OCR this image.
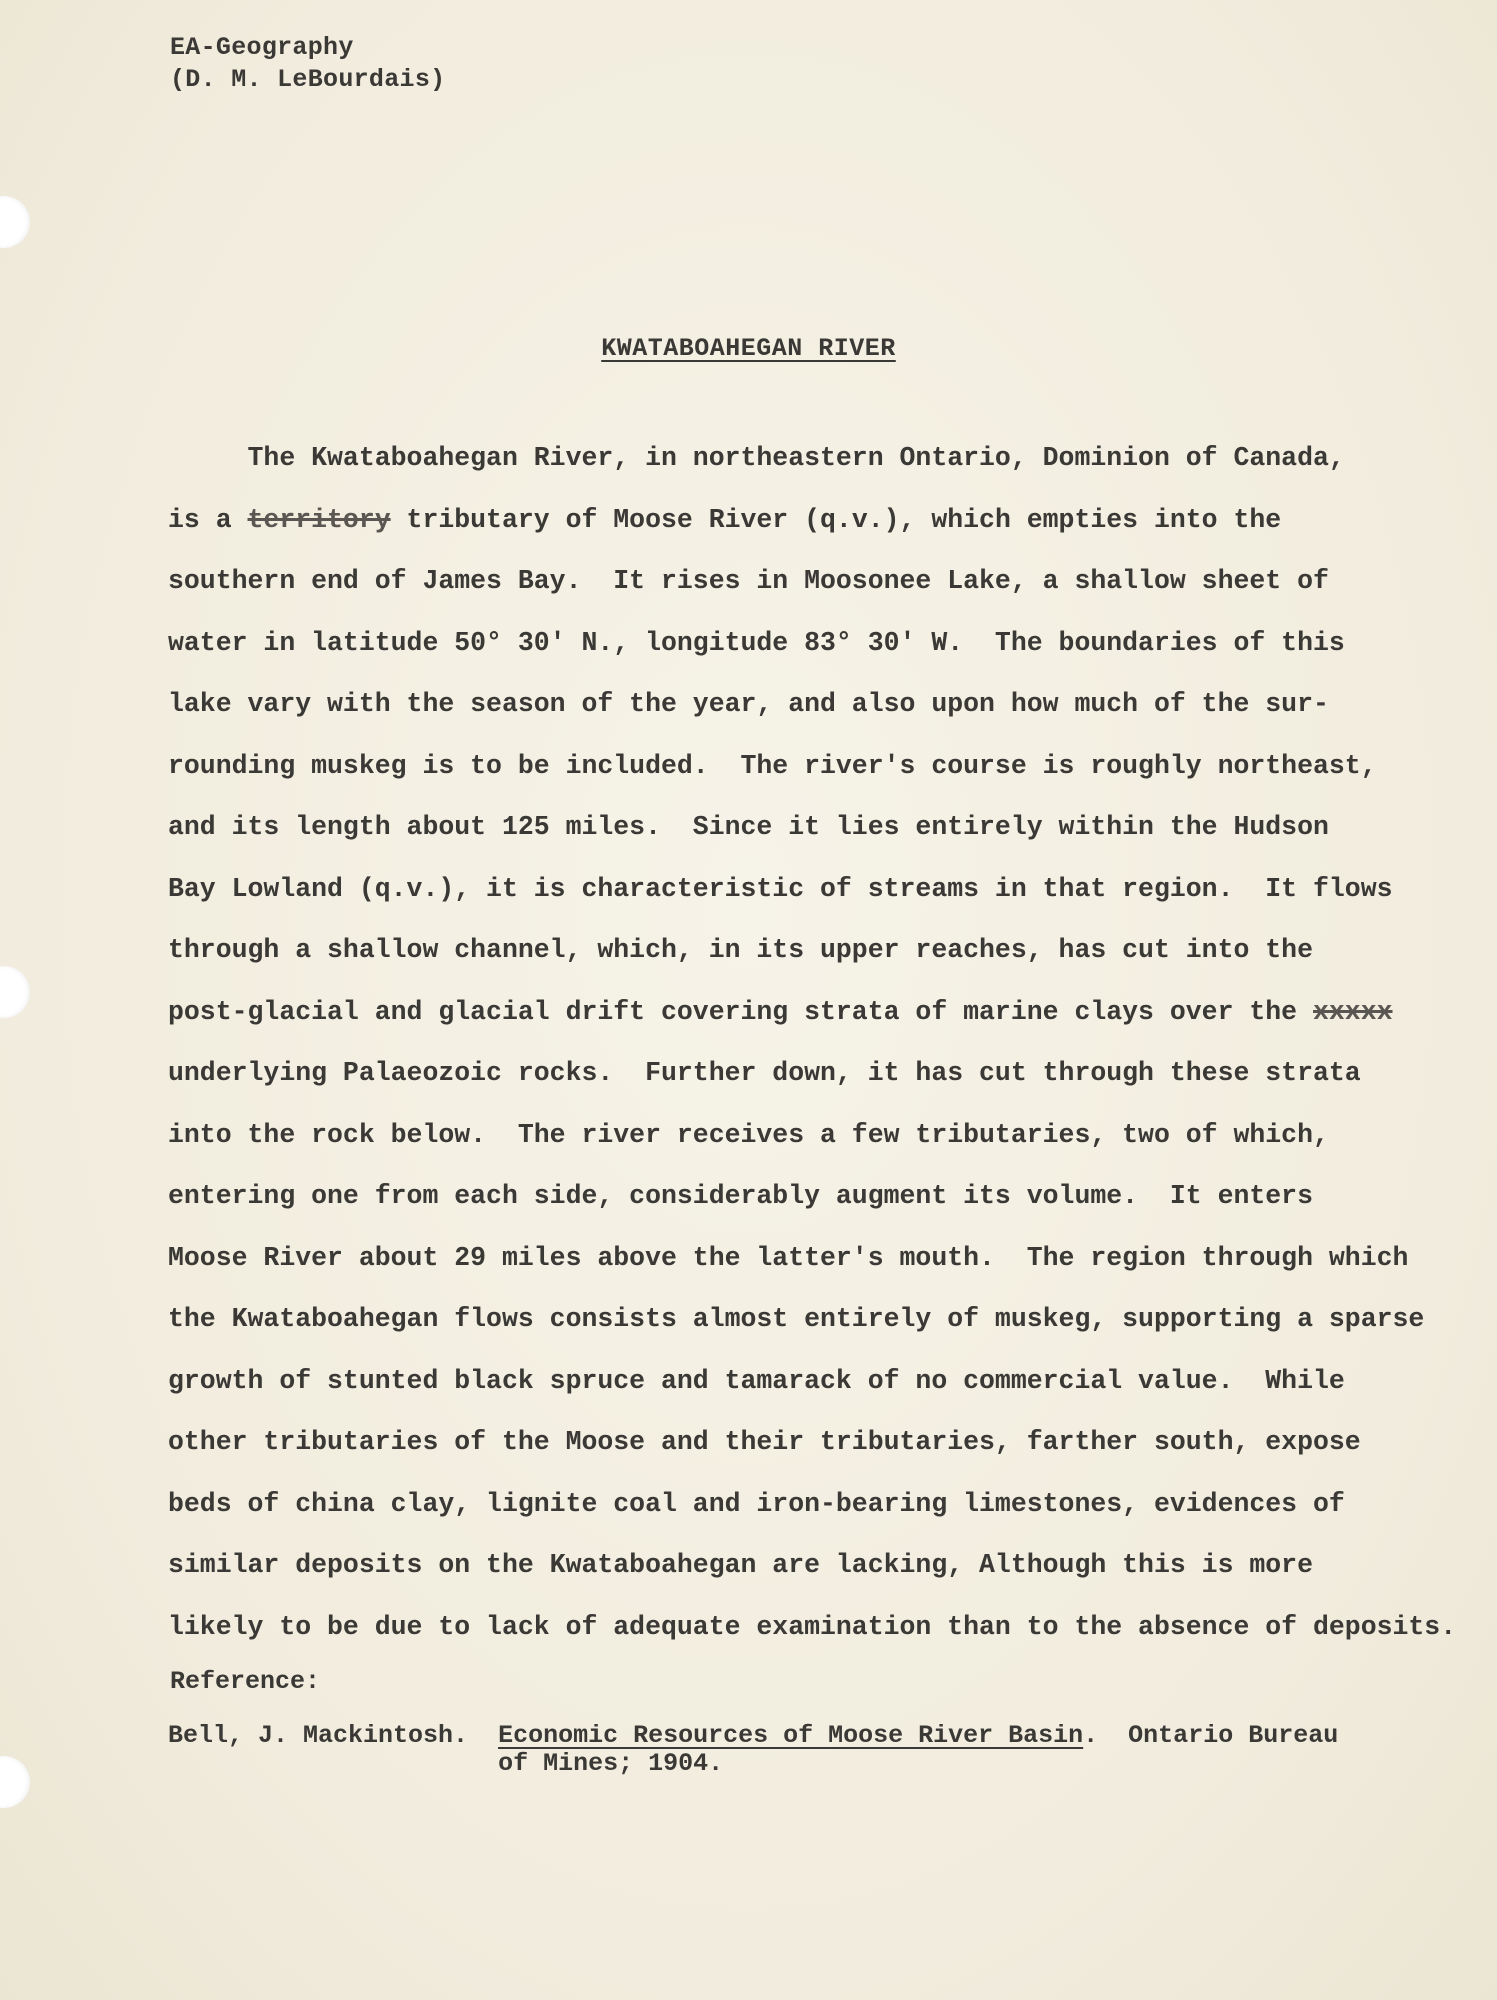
EA-Geography
(D. M. LeBourdais)
KWATABOAHEGAN RIVER
The Kwataboahegan River, in northeastern Ontario, Dominion of Canada,
is a territory tributary of Moose River (q.v.), which empties into the
southern end of James Bay.  It rises in Moosonee Lake, a shallow sheet of
water in latitude 50° 30' N., longitude 83° 30' W.  The boundaries of this
lake vary with the season of the year, and also upon how much of the sur-
rounding muskeg is to be included.  The river's course is roughly northeast,
and its length about 125 miles.  Since it lies entirely within the Hudson
Bay Lowland (q.v.), it is characteristic of streams in that region.  It flows
through a shallow channel, which, in its upper reaches, has cut into the
post-glacial and glacial drift covering strata of marine clays over the xxxxx
underlying Palaeozoic rocks.  Further down, it has cut through these strata
into the rock below.  The river receives a few tributaries, two of which,
entering one from each side, considerably augment its volume.  It enters
Moose River about 29 miles above the latter's mouth.  The region through which
the Kwataboahegan flows consists almost entirely of muskeg, supporting a sparse
growth of stunted black spruce and tamarack of no commercial value.  While
other tributaries of the Moose and their tributaries, farther south, expose
beds of china clay, lignite coal and iron-bearing limestones, evidences of
similar deposits on the Kwataboahegan are lacking, Although this is more
likely to be due to lack of adequate examination than to the absence of deposits.
Reference:
Bell, J. Mackintosh. Economic Resources of Moose River Basin.  Ontario Bureau
of Mines; 1904.
